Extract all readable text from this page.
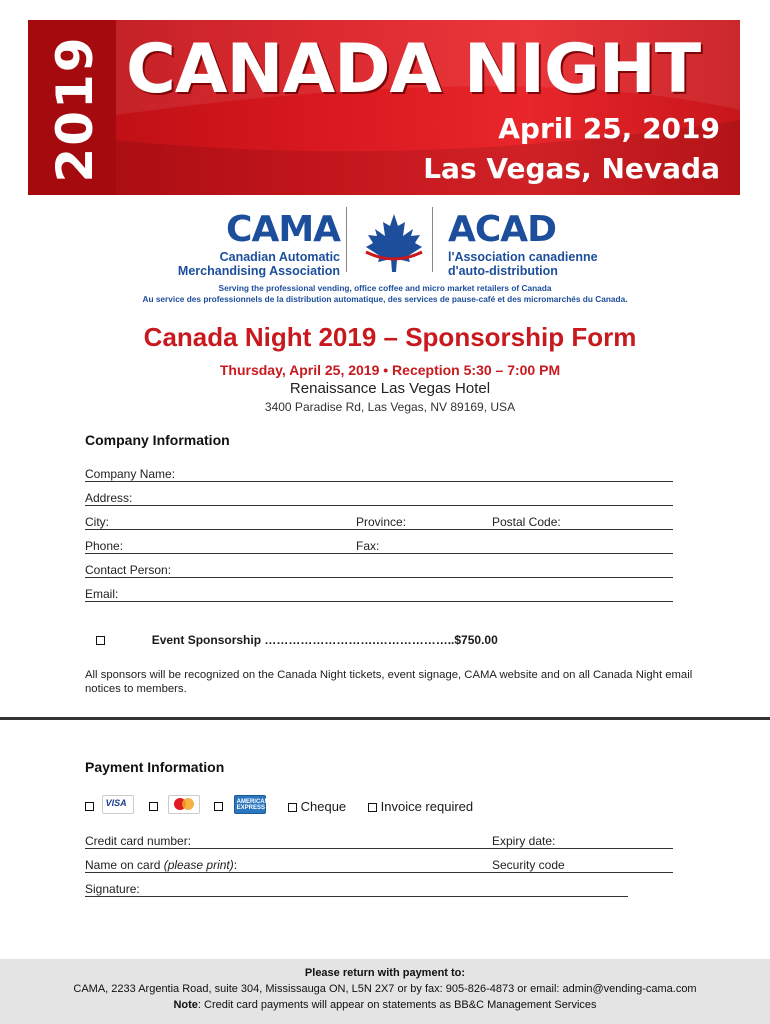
2019 CANADA NIGHT
April 25, 2019
Las Vegas, Nevada
CAMA
Canadian Automatic
Merchandising Association
ACAD
l'Association canadienne
d'auto-distribution
Serving the professional vending, office coffee and micro market retailers of Canada
Au service des professionnels de la distribution automatique, des services de pause-café et des micromarchés du Canada.
Canada Night 2019 – Sponsorship Form
Thursday, April 25, 2019 • Reception 5:30 – 7:00 PM
Renaissance Las Vegas Hotel
3400 Paradise Rd, Las Vegas, NV 89169, USA
Company Information
Company Name:
Address:
City:	Province:	Postal Code:
Phone:	Fax:
Contact Person:
Email:
Event Sponsorship ……………………….………………..$750.00
All sponsors will be recognized on the Canada Night tickets, event signage, CAMA website and on all Canada Night email notices to members.
Payment Information

VISA

	AMERICAN EXPRESS	Cheque	Invoice required
Credit card number:	Expiry date:
Name on card (please print):	Security code
Signature:
Please return with payment to:
CAMA, 2233 Argentia Road, suite 304, Mississauga ON, L5N 2X7 or by fax: 905-826-4873 or email: admin@vending-cama.com
Note: Credit card payments will appear on statements as BB&C Management Services
